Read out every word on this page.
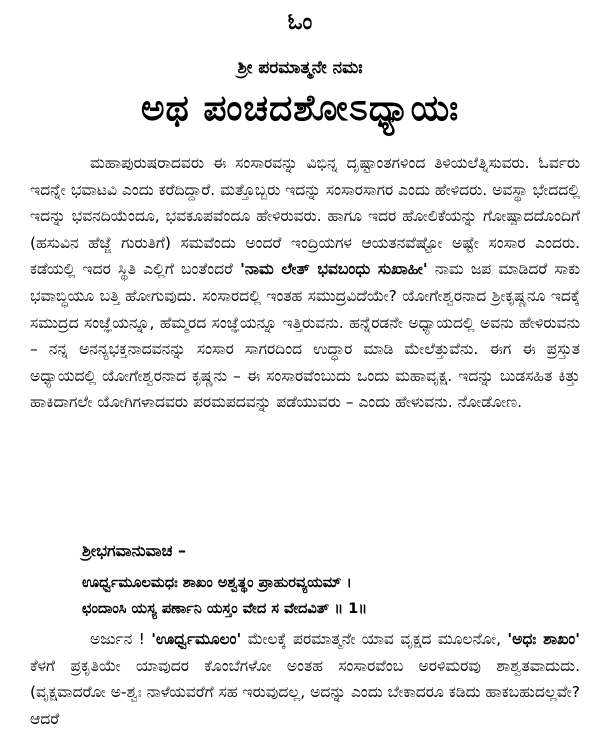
ಓಂ
ಶ್ರೀ ಪರಮಾತ್ಮನೇ ನಮಃ
ಅಥ ಪಂಚದಶೋಽಧ್ಯಾಯಃ

ಮಹಾಪುರುಷರಾದವರು ಈ ಸಂಸಾರವನ್ನು ವಿಭಿನ್ನ ದೃಷ್ಟಾಂತಗಳಿಂದ ತಿಳಿಯಲೆತ್ನಿಸುವರು. ಓರ್ವರು ಇದನ್ನೇ ಭವಾಟವಿ ಎಂದು ಕರೆದಿದ್ದಾರೆ. ಮತ್ತೊಬ್ಬರು ಇದನ್ನು ಸಂಸಾರಸಾಗರ ಎಂದು ಹೇಳಿದರು. ಅವಸ್ಥಾ ಭೇದದಲ್ಲಿ ಇದನ್ನು ಭವನದಿಯೆಂದೂ, ಭವಕೂಪವೆಂದೂ ಹೇಳಿರುವರು. ಹಾಗೂ ಇದರ ಹೋಲಿಕೆಯನ್ನು ಗೋಷ್ಪಾದದೊಂದಿಗೆ (ಹಸುವಿನ ಹೆಜ್ಜೆ ಗುರುತಿಗೆ) ಸಮವೆಂದು ಅಂದರೆ ಇಂದ್ರಿಯಗಳ ಆಯತನವೆಷ್ಟೋ ಅಷ್ಟೇ ಸಂಸಾರ ಎಂದರು. ಕಡೆಯಲ್ಲಿ ಇದರ ಸ್ಥಿತಿ ಎಲ್ಲಿಗೆ ಬಂತೆಂದರೆ 'ನಾಮ ಲೇತ್ ಭವಬಂಧು ಸುಖಾಹೀ' ನಾಮ ಜಪ ಮಾಡಿದರೆ ಸಾಕು ಭವಾಬ್ಧಿಯೂ ಬತ್ತಿ ಹೋಗುವುದು. ಸಂಸಾರದಲ್ಲಿ ಇಂತಹ ಸಮುದ್ರವಿದೆಯೇ? ಯೋಗೇಶ್ವರನಾದ ಶ್ರೀಕೃಷ್ಣನೂ ಇದಕ್ಕೆ ಸಮುದ್ರದ ಸಂಜ್ಞೆಯನ್ನೂ, ಹೆಮ್ಮರದ ಸಂಜ್ಞೆಯನ್ನೂ ಇತ್ತಿರುವನು. ಹನ್ನೆರಡನೇ ಅಧ್ಯಾಯದಲ್ಲಿ ಅವನು ಹೇಳಿರುವನು – ನನ್ನ ಅನನ್ಯಭಕ್ತನಾದವನನ್ನು ಸಂಸಾರ ಸಾಗರದಿಂದ ಉದ್ಧಾರ ಮಾಡಿ ಮೇಲೆತ್ತುವೆನು. ಈಗ ಈ ಪ್ರಸ್ತುತ ಅಧ್ಯಾಯದಲ್ಲಿ ಯೋಗೇಶ್ವರನಾದ ಕೃಷ್ಣನು – ಈ ಸಂಸಾರವೆಂಬುದು ಒಂದು ಮಹಾವೃಕ್ಷ. ಇದನ್ನು ಬುಡಸಹಿತ ಕಿತ್ತು ಹಾಕಿದಾಗಲೇ ಯೋಗಿಗಳಾದವರು ಪರಮಪದವನ್ನು ಪಡೆಯುವರು – ಎಂದು ಹೇಳುವನು. ನೋಡೋಣ.

ಶ್ರೀಭಗವಾನುವಾಚ –
ಊರ್ಧ್ವಮೂಲಮಧಃ ಶಾಖಂ ಅಶ್ವತ್ಥಂ ಪ್ರಾಹುರವ್ಯಯಮ್ ।
ಛಂದಾಂಸಿ ಯಸ್ಯ ಪರ್ಣಾನಿ ಯಸ್ತಂ ವೇದ ಸ ವೇದವಿತ್ ॥ 1॥

ಅರ್ಜುನ ! 'ಊರ್ಧ್ವಮೂಲಂ' ಮೇಲಕ್ಕೆ ಪರಮಾತ್ಮನೇ ಯಾವ ವೃಕ್ಷದ ಮೂಲನೋ, 'ಅಧಃ ಶಾಖಂ' ಕೆಳಗೆ ಪ್ರಕೃತಿಯೇ ಯಾವುದರ ಕೊಂಬೆಗಳೋ ಅಂತಹ ಸಂಸಾರವೆಂಬ ಅರಳಿಮರವು ಶಾಶ್ವತವಾದುದು. (ವೃಕ್ಷವಾದರೋ ಅ-ಶ್ವಃ ನಾಳೆಯವರೆಗೆ ಸಹ ಇರುವುದಲ್ಲ, ಅದನ್ನು ಎಂದು ಬೇಕಾದರೂ ಕಡಿದು ಹಾಕಬಹುದಲ್ಲವೇ? ಆದರೆ
